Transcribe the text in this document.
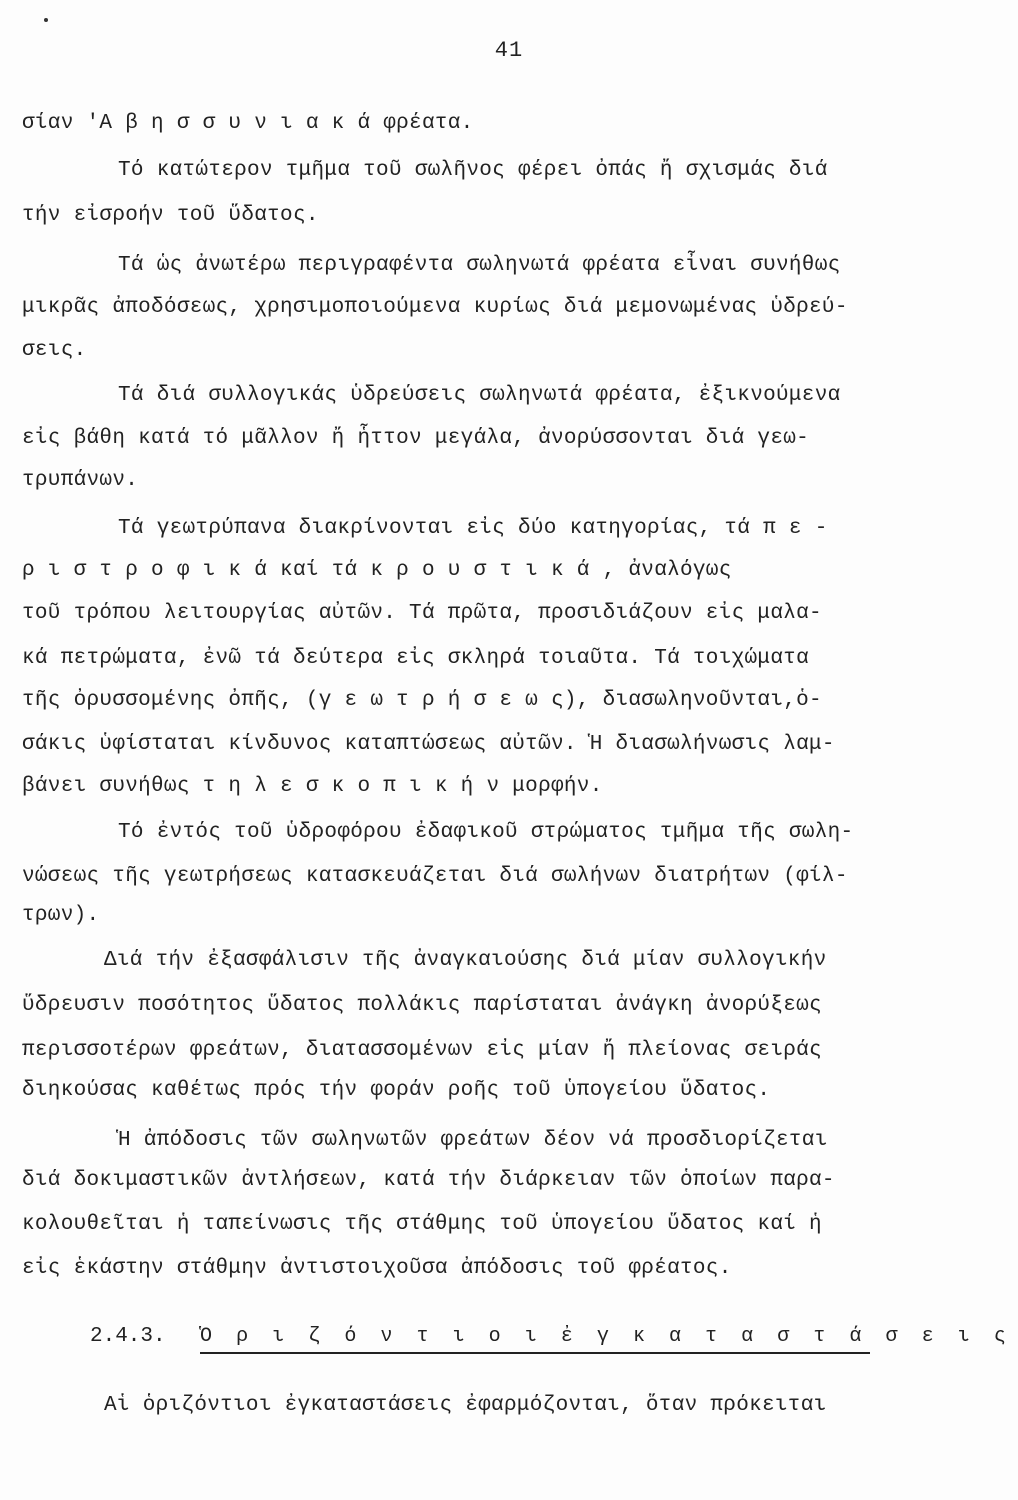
41
σίαν 'Α β η σ σ υ ν ι α κ ά φρέατα.
Τό κατώτερον τμῆμα τοῦ σωλῆνος φέρει ὀπάς ἤ σχισμάς διά
τήν εἰσροήν τοῦ ὕδατος.
Τά ὡς ἀνωτέρω περιγραφέντα σωληνωτά φρέατα εἶναι συνήθως
μικρᾶς ἀποδόσεως, χρησιμοποιούμενα κυρίως διά μεμονωμένας ὑδρεύ-
σεις.
Τά διά συλλογικάς ὑδρεύσεις σωληνωτά φρέατα, ἐξικνούμενα
εἰς βάθη κατά τό μᾶλλον ἤ ἧττον μεγάλα, ἀνορύσσονται διά γεω-
τρυπάνων.
Τά γεωτρύπανα διακρίνονται εἰς δύο κατηγορίας, τά π ε -
ρ ι σ τ ρ ο φ ι κ ά καί τά κ ρ ο υ σ τ ι κ ά , ἀναλόγως
τοῦ τρόπου λειτουργίας αὐτῶν. Τά πρῶτα, προσιδιάζουν εἰς μαλα-
κά πετρώματα, ἐνῶ τά δεύτερα εἰς σκληρά τοιαῦτα. Τά τοιχώματα
τῆς ὀρυσσομένης ὀπῆς, (γ ε ω τ ρ ή σ ε ω ς), διασωληνοῦνται,ὁ-
σάκις ὑφίσταται κίνδυνος καταπτώσεως αὐτῶν. Ἡ διασωλήνωσις λαμ-
βάνει συνήθως τ η λ ε σ κ ο π ι κ ή ν μορφήν.
Τό ἐντός τοῦ ὑδροφόρου ἐδαφικοῦ στρώματος τμῆμα τῆς σωλη-
νώσεως τῆς γεωτρήσεως κατασκευάζεται διά σωλήνων διατρήτων (φίλ-
τρων).
Διά τήν ἐξασφάλισιν τῆς ἀναγκαιούσης διά μίαν συλλογικήν
ὕδρευσιν ποσότητος ὕδατος πολλάκις παρίσταται ἀνάγκη ἀνορύξεως
περισσοτέρων φρεάτων, διατασσομένων εἰς μίαν ἤ πλείονας σειράς
διηκούσας καθέτως πρός τήν φοράν ροῆς τοῦ ὑπογείου ὕδατος.
Ἡ ἀπόδοσις τῶν σωληνωτῶν φρεάτων δέον νά προσδιορίζεται
διά δοκιμαστικῶν ἀντλήσεων, κατά τήν διάρκειαν τῶν ὁποίων παρα-
κολουθεῖται ἡ ταπείνωσις τῆς στάθμης τοῦ ὑπογείου ὕδατος καί ἡ
εἰς ἑκάστην στάθμην ἀντιστοιχοῦσα ἀπόδοσις τοῦ φρέατος.
2.4.3. Ὁ ρ ι ζ ό ν τ ι ο ι ἐ γ κ α τ α σ τ ά σ ε ι ς
Αἱ ὁριζόντιοι ἐγκαταστάσεις ἐφαρμόζονται, ὅταν πρόκειται
